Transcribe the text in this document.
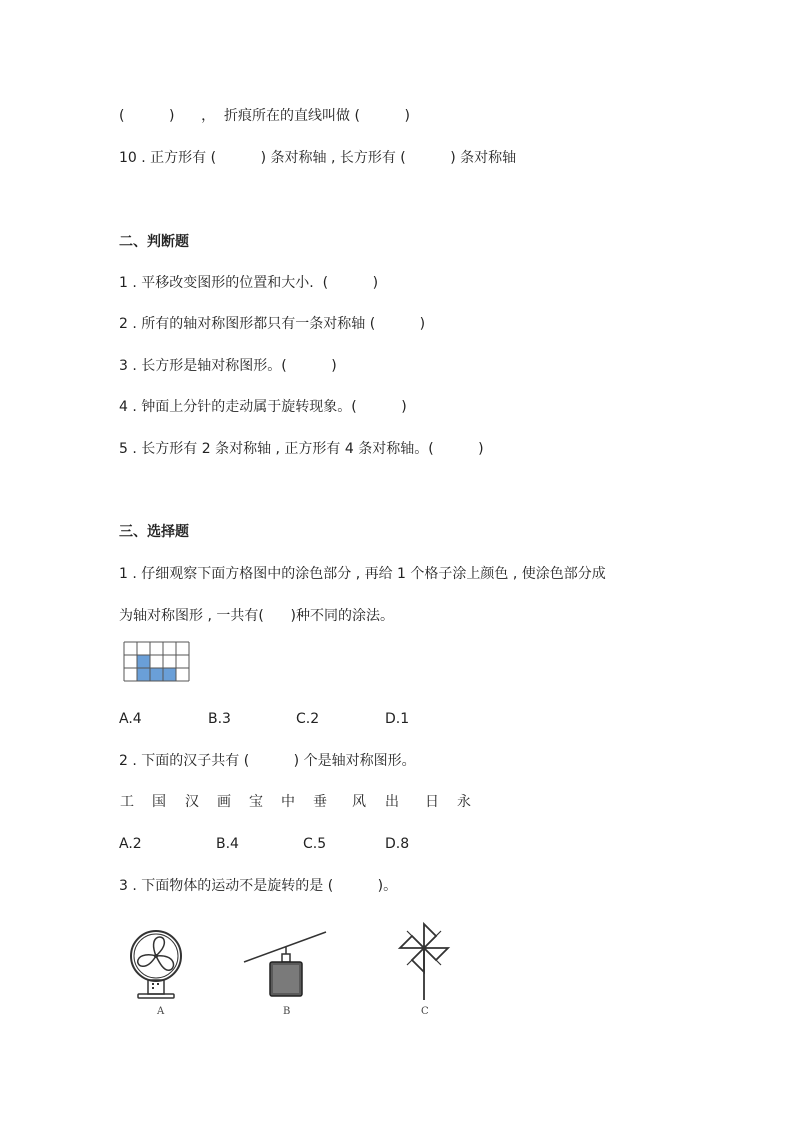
(          )      ，  折痕所在的直线叫做 (          )
10 . 正方形有 (          ) 条对称轴 , 长方形有 (          ) 条对称轴
二、判断题
1 . 平移改变图形的位置和大小.  (          )
2 . 所有的轴对称图形都只有一条对称轴 (          )
3 . 长方形是轴对称图形。(          )
4 . 钟面上分针的走动属于旋转现象。(          )
5 . 长方形有 2 条对称轴 , 正方形有 4 条对称轴。(          )
三、选择题
1 . 仔细观察下面方格图中的涂色部分 , 再给 1 个格子涂上颜色 , 使涂色部分成
为轴对称图形 , 一共有(      )种不同的涂法。
A.4	B.3	C.2	D.1
2 . 下面的汉子共有 (          ) 个是轴对称图形。
工 国 汉 画 宝 中 垂 风 出 日 永
A.2	B.4	C.5	D.8
3 . 下面物体的运动不是旋转的是 (          )。
A	B	C
